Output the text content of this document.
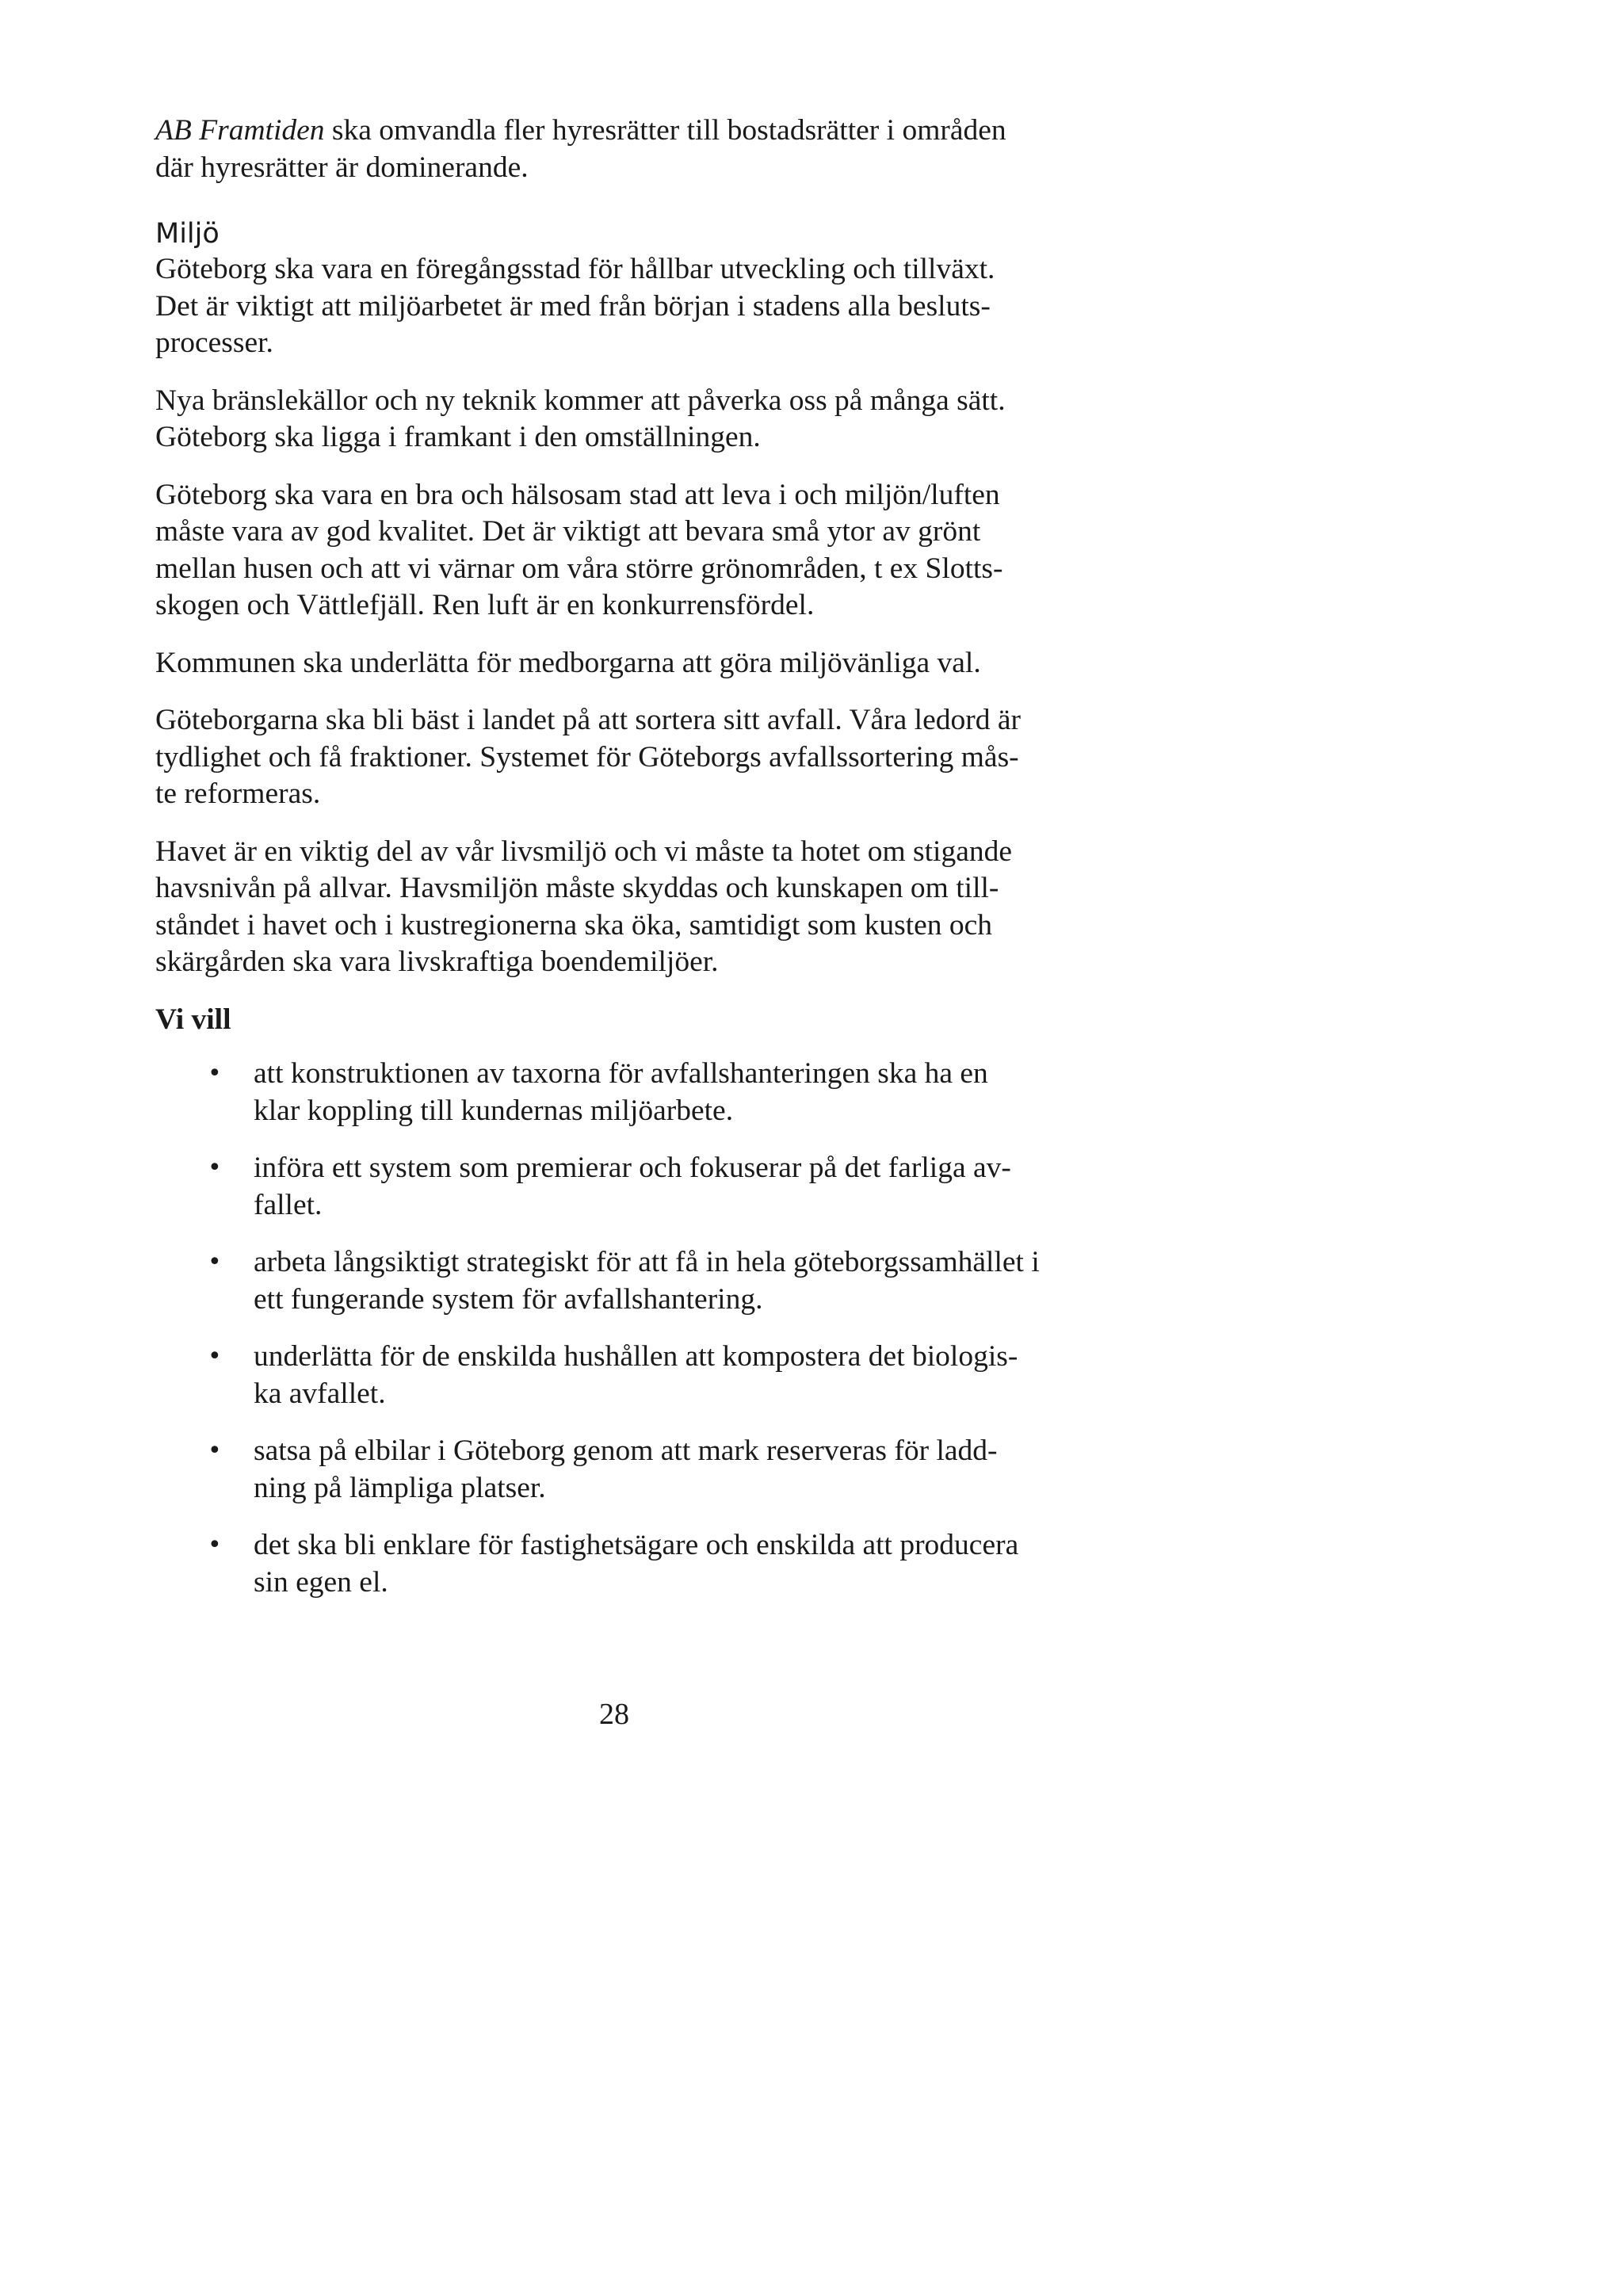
AB Framtiden ska omvandla fler hyresrätter till bostadsrätter i områden
där hyresrätter är dominerande.

Miljö

Göteborg ska vara en föregångsstad för hållbar utveckling och tillväxt.
Det är viktigt att miljöarbetet är med från början i stadens alla besluts-
processer.

Nya bränslekällor och ny teknik kommer att påverka oss på många sätt.
Göteborg ska ligga i framkant i den omställningen.

Göteborg ska vara en bra och hälsosam stad att leva i och miljön/luften
måste vara av god kvalitet. Det är viktigt att bevara små ytor av grönt
mellan husen och att vi värnar om våra större grönområden, t ex Slotts-
skogen och Vättlefjäll. Ren luft är en konkurrensfördel.

Kommunen ska underlätta för medborgarna att göra miljövänliga val.

Göteborgarna ska bli bäst i landet på att sortera sitt avfall. Våra ledord är
tydlighet och få fraktioner. Systemet för Göteborgs avfallssortering mås-
te reformeras.

Havet är en viktig del av vår livsmiljö och vi måste ta hotet om stigande
havsnivån på allvar. Havsmiljön måste skyddas och kunskapen om till-
ståndet i havet och i kustregionerna ska öka, samtidigt som kusten och
skärgården ska vara livskraftiga boendemiljöer.

Vi vill

• att konstruktionen av taxorna för avfallshanteringen ska ha en
klar koppling till kundernas miljöarbete.
• införa ett system som premierar och fokuserar på det farliga av-
fallet.
• arbeta långsiktigt strategiskt för att få in hela göteborgssamhället i
ett fungerande system för avfallshantering.
• underlätta för de enskilda hushållen att kompostera det biologis-
ka avfallet.
• satsa på elbilar i Göteborg genom att mark reserveras för ladd-
ning på lämpliga platser.
• det ska bli enklare för fastighetsägare och enskilda att producera
sin egen el.
28
